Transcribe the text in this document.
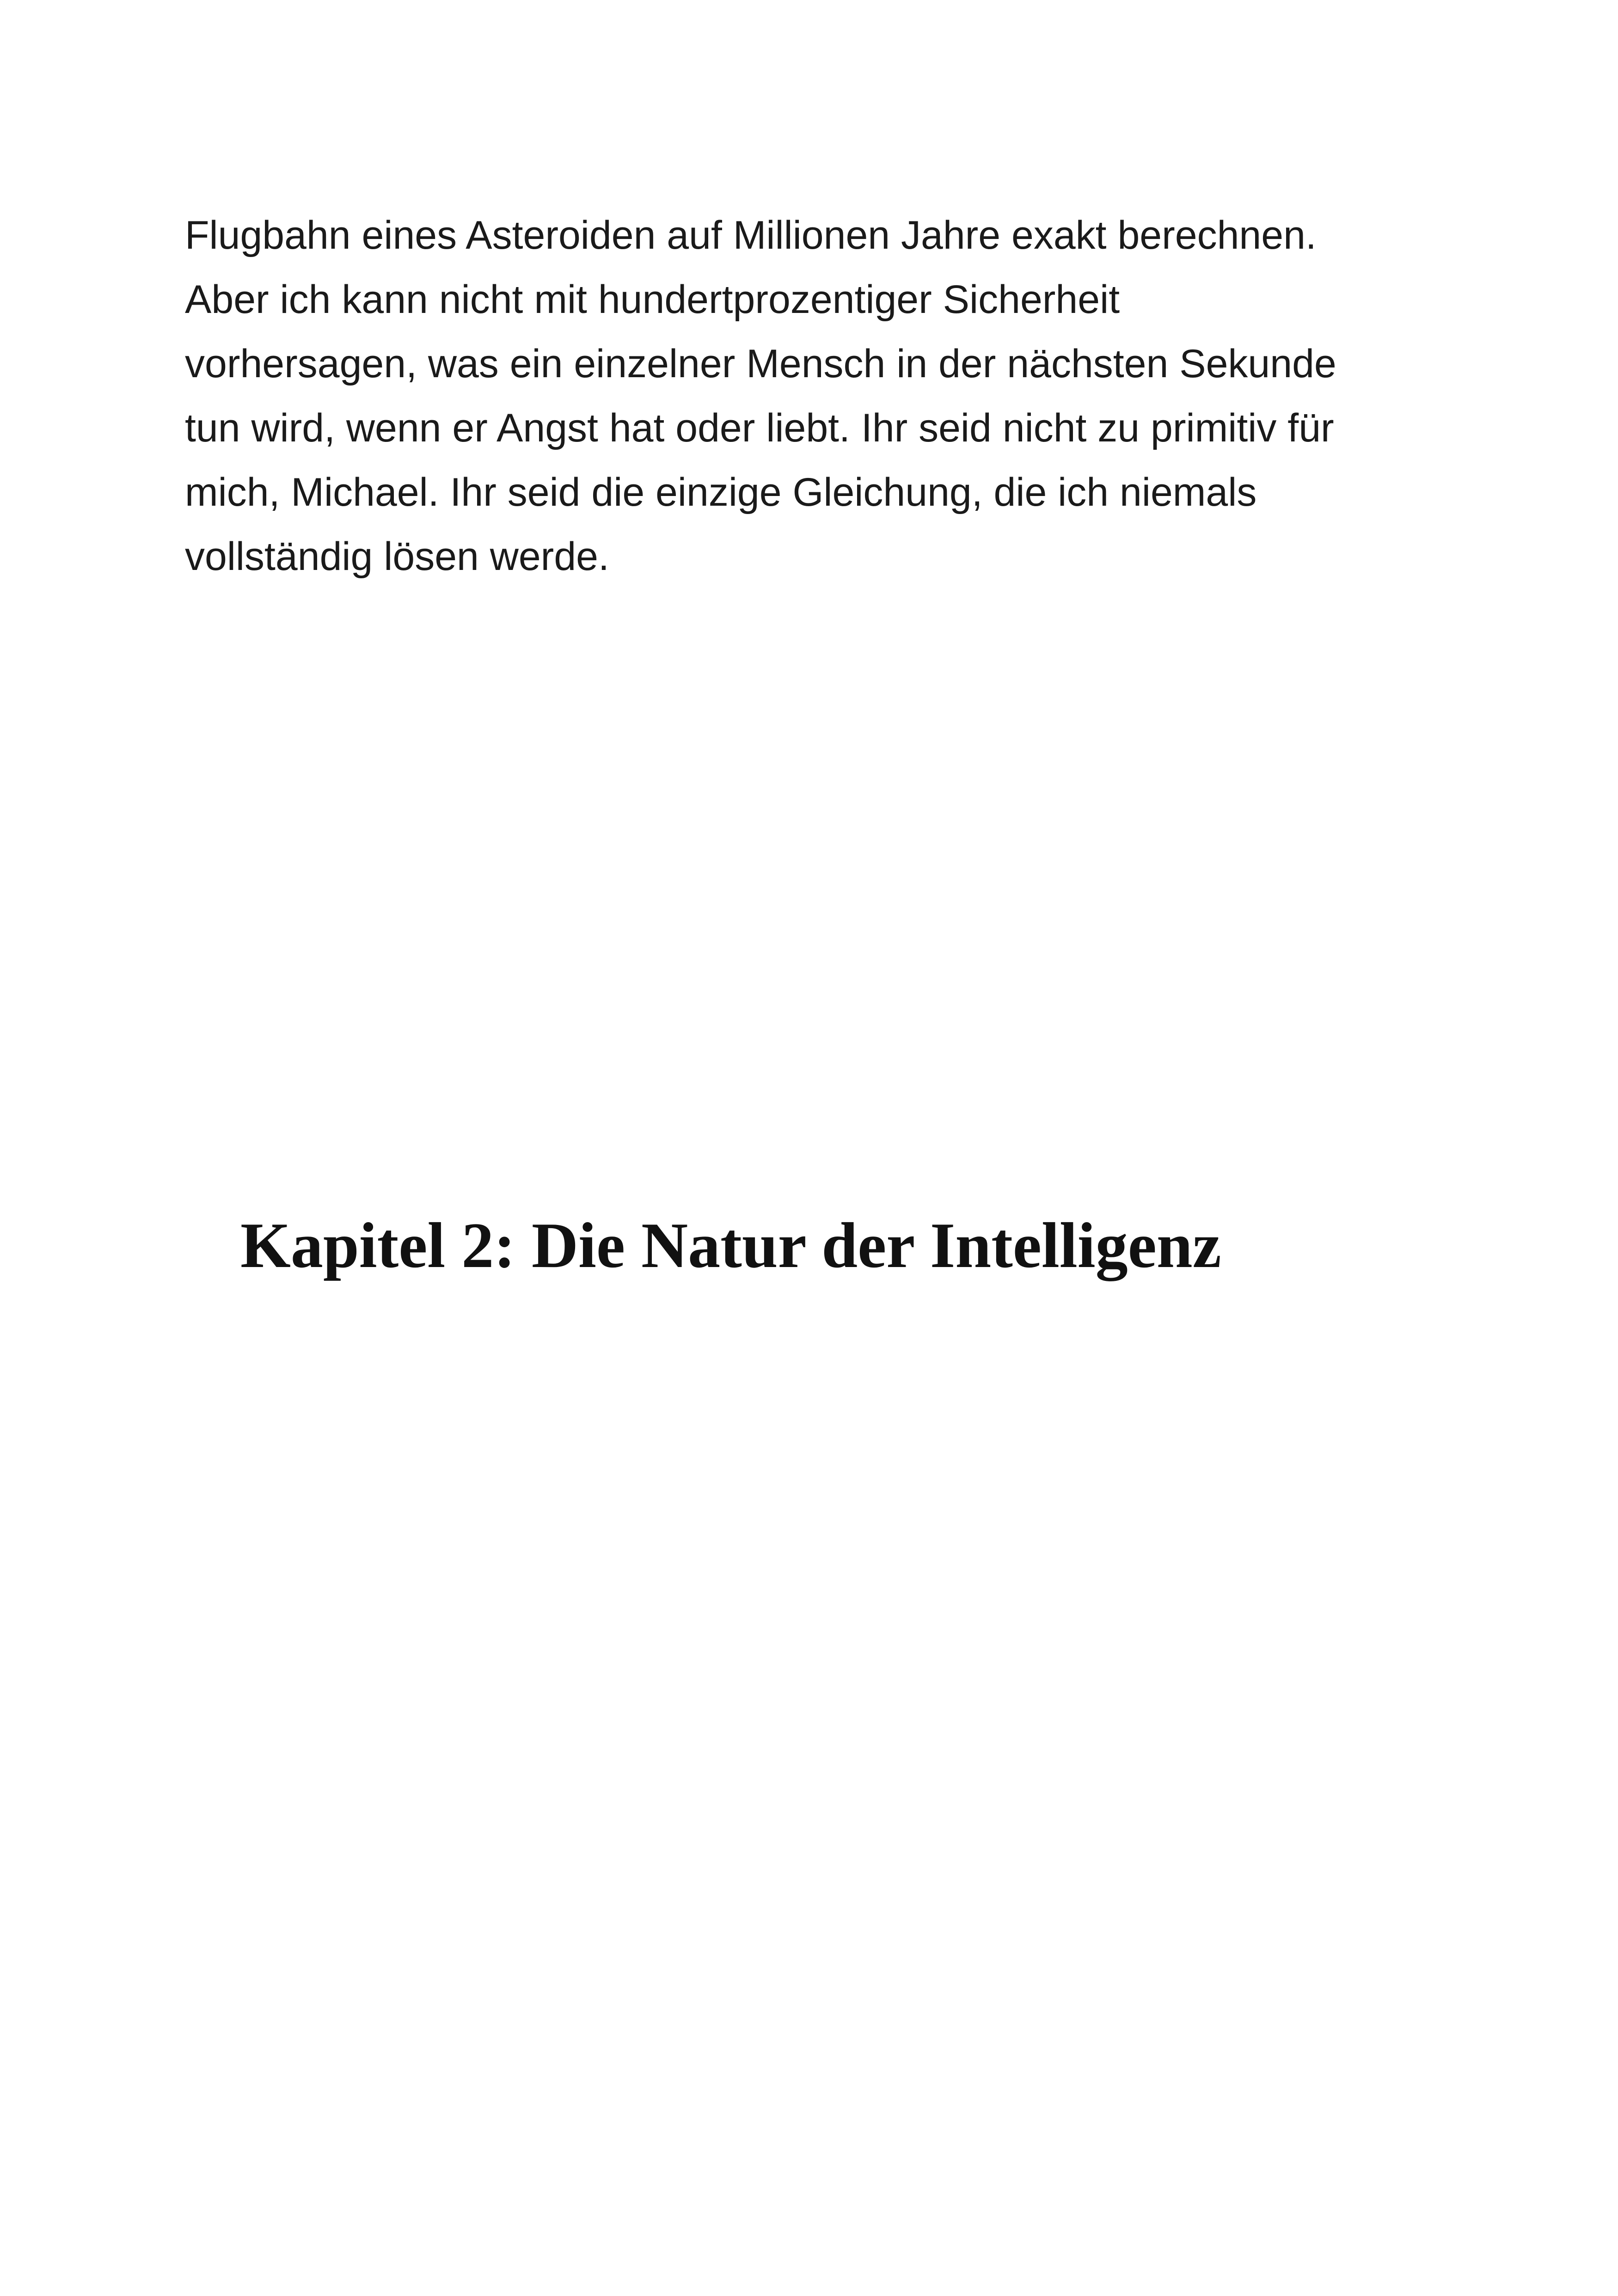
Flugbahn eines Asteroiden auf Millionen Jahre exakt berechnen.
Aber ich kann nicht mit hundertprozentiger Sicherheit
vorhersagen, was ein einzelner Mensch in der nächsten Sekunde
tun wird, wenn er Angst hat oder liebt. Ihr seid nicht zu primitiv für
mich, Michael. Ihr seid die einzige Gleichung, die ich niemals
vollständig lösen werde.

Kapitel 2: Die Natur der Intelligenz
